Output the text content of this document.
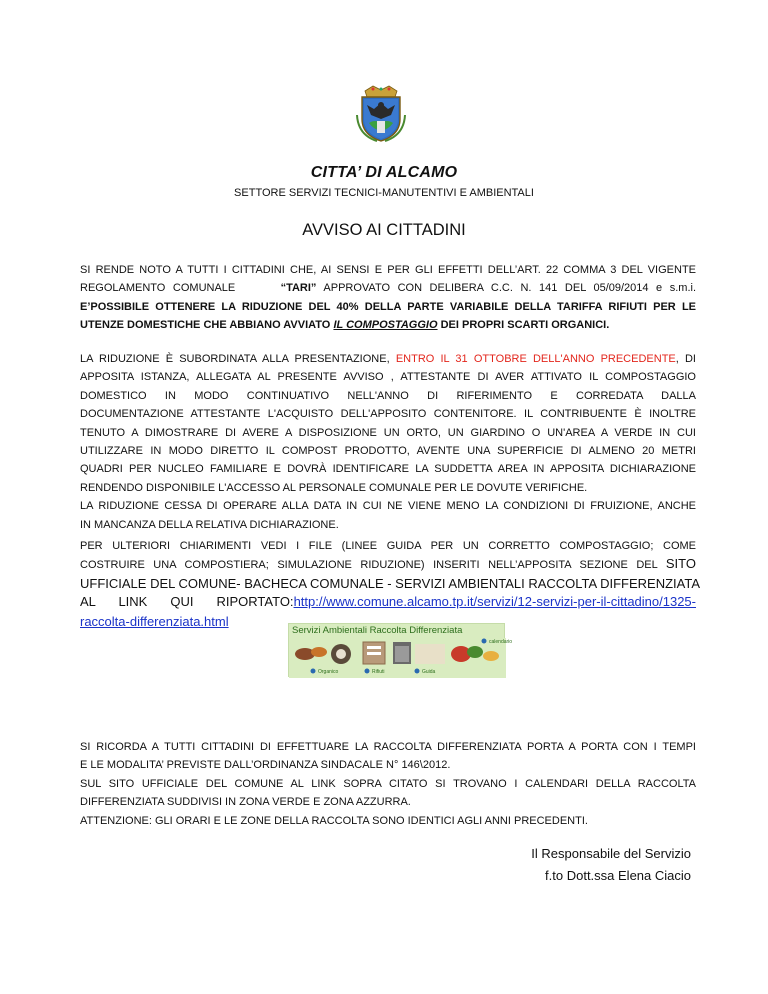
CITTA’ DI ALCAMO
SETTORE SERVIZI TECNICI-MANUTENTIVI E AMBIENTALI
AVVISO AI CITTADINI
SI RENDE NOTO A TUTTI I CITTADINI CHE, AI SENSI E PER GLI EFFETTI DELL’ART. 22 COMMA 3 DEL VIGENTE
REGOLAMENTO COMUNALE	“TARI” APPROVATO CON DELIBERA C.C. N. 141 DEL 05/09/2014 e s.m.i.
E’POSSIBILE OTTENERE LA RIDUZIONE DEL 40% DELLA PARTE VARIABILE DELLA TARIFFA RIFIUTI PER LE
UTENZE DOMESTICHE CHE ABBIANO AVVIATO IL COMPOSTAGGIO DEI PROPRI SCARTI ORGANICI.
LA RIDUZIONE È SUBORDINATA ALLA PRESENTAZIONE, ENTRO IL 31 OTTOBRE DELL'ANNO PRECEDENTE, DI
APPOSITA ISTANZA, ALLEGATA AL PRESENTE AVVISO , ATTESTANTE DI AVER ATTIVATO IL COMPOSTAGGIO
DOMESTICO IN MODO CONTINUATIVO NELL'ANNO DI RIFERIMENTO E CORREDATA DALLA
DOCUMENTAZIONE ATTESTANTE L'ACQUISTO DELL'APPOSITO CONTENITORE. IL CONTRIBUENTE È INOLTRE
TENUTO A DIMOSTRARE DI AVERE A DISPOSIZIONE UN ORTO, UN GIARDINO O UN'AREA A VERDE IN CUI
UTILIZZARE IN MODO DIRETTO IL COMPOST PRODOTTO, AVENTE UNA SUPERFICIE DI ALMENO 20 METRI
QUADRI PER NUCLEO FAMILIARE E DOVRÀ IDENTIFICARE LA SUDDETTA AREA IN APPOSITA DICHIARAZIONE
RENDENDO DISPONIBILE L'ACCESSO AL PERSONALE COMUNALE PER LE DOVUTE VERIFICHE.
LA RIDUZIONE CESSA DI OPERARE ALLA DATA IN CUI NE VIENE MENO LA CONDIZIONI DI FRUIZIONE, ANCHE
IN MANCANZA DELLA RELATIVA DICHIARAZIONE.
PER ULTERIORI CHIARIMENTI VEDI I FILE (LINEE GUIDA PER UN CORRETTO COMPOSTAGGIO; COME
COSTRUIRE UNA COMPOSTIERA; SIMULAZIONE RIDUZIONE) INSERITI NELL’APPOSITA SEZIONE DEL SITO
UFFICIALE DEL COMUNE- BACHECA COMUNALE - SERVIZI AMBIENTALI RACCOLTA DIFFERENZIATA
AL LINK QUI RIPORTATO:http://www.comune.alcamo.tp.it/servizi/12-servizi-per-il-cittadino/1325-
raccolta-differenziata.html
Servizi Ambientali Raccolta Differenziata
calendario
Organico	Rifiuti	Guida
SI RICORDA A TUTTI CITTADINI DI EFFETTUARE LA RACCOLTA DIFFERENZIATA PORTA A PORTA CON I TEMPI
E LE MODALITA’ PREVISTE DALL’ORDINANZA SINDACALE N° 146\2012.
SUL SITO UFFICIALE DEL COMUNE AL LINK SOPRA CITATO SI TROVANO I CALENDARI DELLA RACCOLTA
DIFFERENZIATA SUDDIVISI IN ZONA VERDE E ZONA AZZURRA.
ATTENZIONE: GLI ORARI E LE ZONE DELLA RACCOLTA SONO IDENTICI AGLI ANNI PRECEDENTI.
Il Responsabile del Servizio
f.to Dott.ssa Elena Ciacio
